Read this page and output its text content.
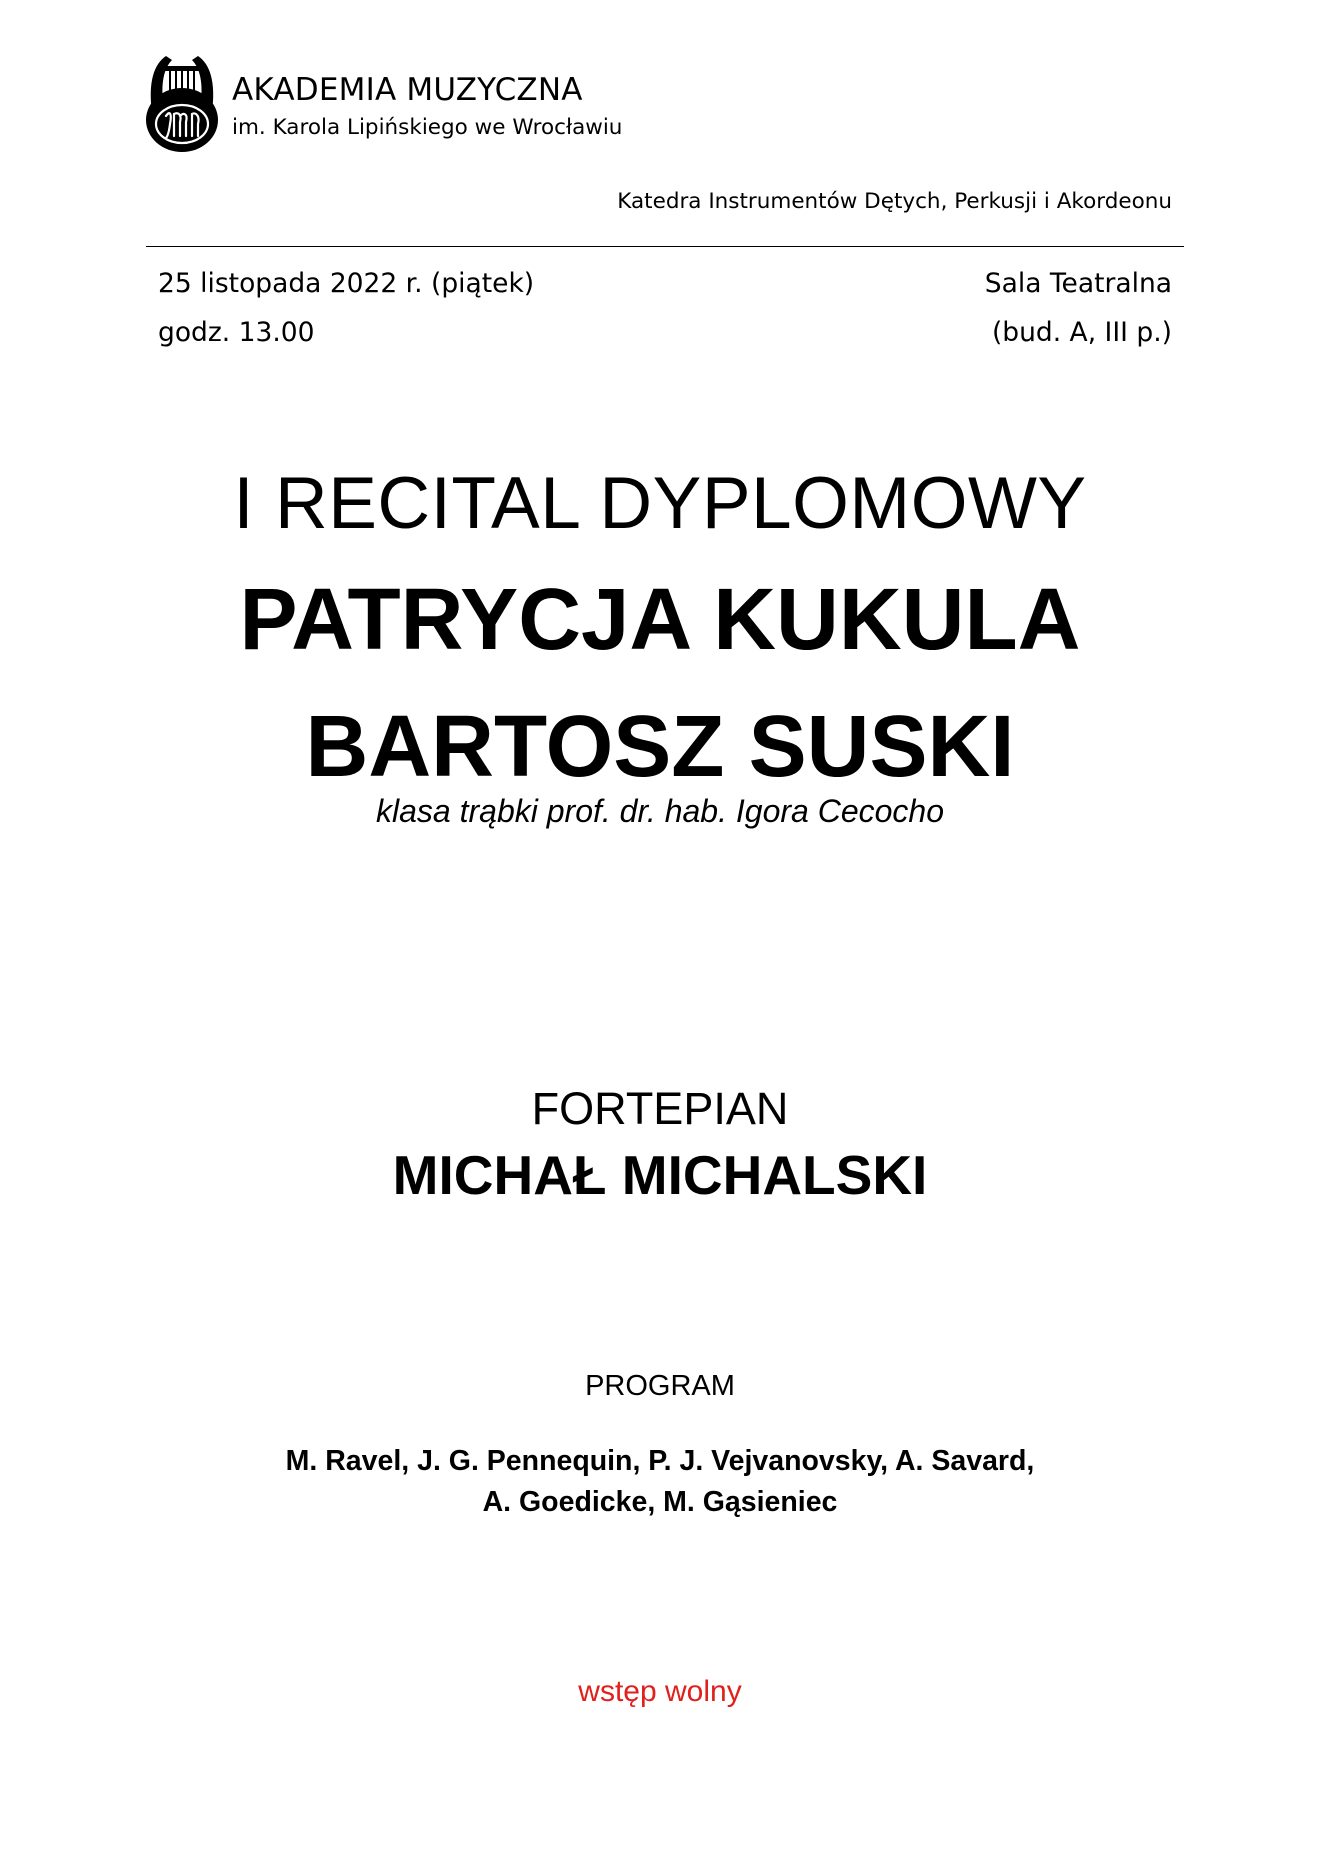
AKADEMIA MUZYCZNA
im. Karola Lipińskiego we Wrocławiu
Katedra Instrumentów Dętych, Perkusji i Akordeonu
25 listopada 2022 r. (piątek)
godz. 13.00
Sala Teatralna
(bud. A, III p.)
I RECITAL DYPLOMOWY
PATRYCJA KUKULA
BARTOSZ SUSKI
klasa trąbki prof. dr. hab. Igora Cecocho
FORTEPIAN
MICHAŁ MICHALSKI
PROGRAM
M. Ravel, J. G. Pennequin, P. J. Vejvanovsky, A. Savard,
A. Goedicke, M. Gąsieniec
wstęp wolny
